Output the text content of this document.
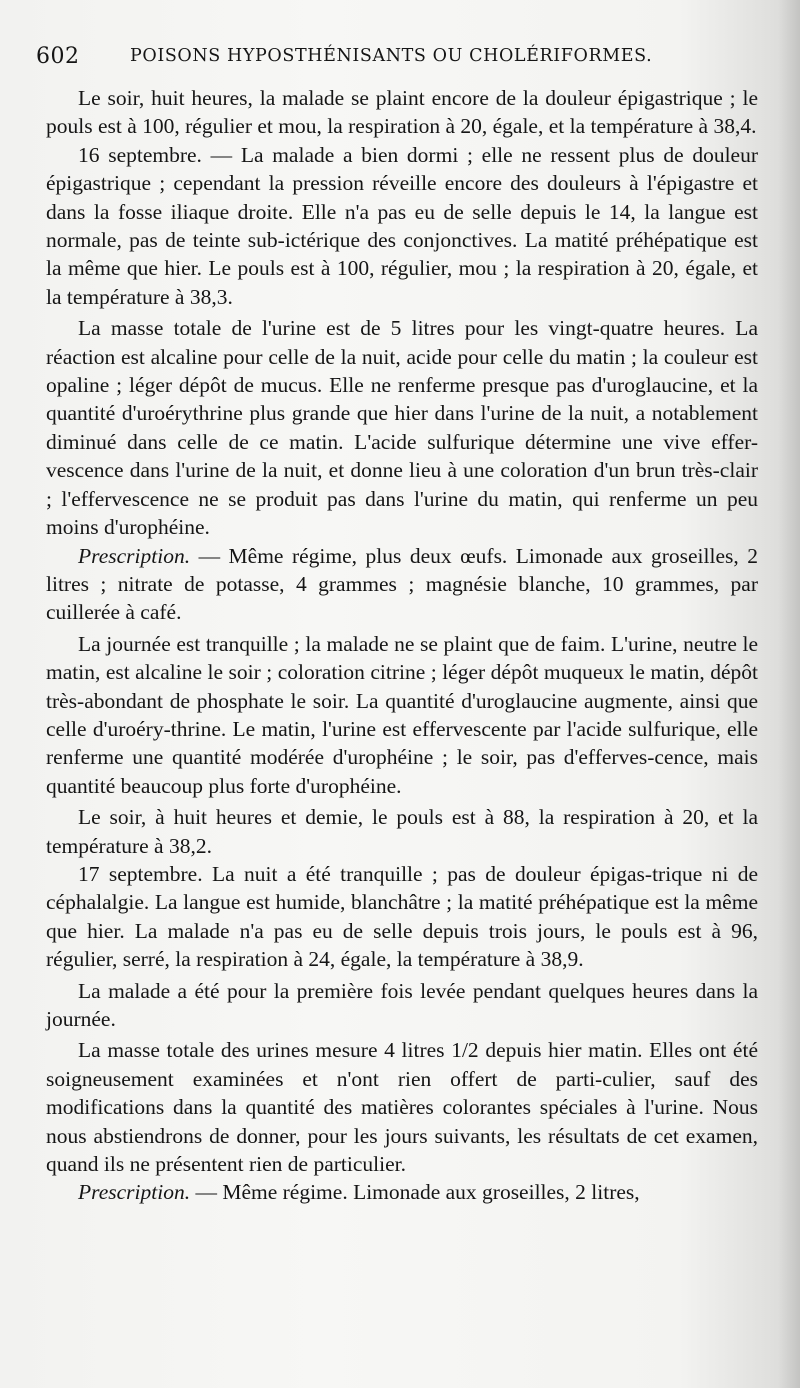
602	POISONS HYPOSTHÉNISANTS OU CHOLÉRIFORMES.

Le soir, huit heures, la malade se plaint encore de la douleur épigastrique ; le pouls est à 100, régulier et mou, la respiration à 20, égale, et la température à 38,4.

16 septembre. — La malade a bien dormi ; elle ne ressent plus de douleur épigastrique ; cependant la pression réveille encore des douleurs à l'épigastre et dans la fosse iliaque droite. Elle n'a pas eu de selle depuis le 14, la langue est normale, pas de teinte sub-ictérique des conjonctives. La matité préhépatique est la même que hier. Le pouls est à 100, régulier, mou ; la respiration à 20, égale, et la température à 38,3.

La masse totale de l'urine est de 5 litres pour les vingt-quatre heures. La réaction est alcaline pour celle de la nuit, acide pour celle du matin ; la couleur est opaline ; léger dépôt de mucus. Elle ne renferme presque pas d'uroglaucine, et la quantité d'uroérythrine plus grande que hier dans l'urine de la nuit, a notablement diminué dans celle de ce matin. L'acide sulfurique détermine une vive effer-vescence dans l'urine de la nuit, et donne lieu à une coloration d'un brun très-clair ; l'effervescence ne se produit pas dans l'urine du matin, qui renferme un peu moins d'urophéine.

Prescription. — Même régime, plus deux œufs. Limonade aux groseilles, 2 litres ; nitrate de potasse, 4 grammes ; magnésie blanche, 10 grammes, par cuillerée à café.

La journée est tranquille ; la malade ne se plaint que de faim. L'urine, neutre le matin, est alcaline le soir ; coloration citrine ; léger dépôt muqueux le matin, dépôt très-abondant de phosphate le soir. La quantité d'uroglaucine augmente, ainsi que celle d'uroéry-thrine. Le matin, l'urine est effervescente par l'acide sulfurique, elle renferme une quantité modérée d'urophéine ; le soir, pas d'efferves-cence, mais quantité beaucoup plus forte d'urophéine.

Le soir, à huit heures et demie, le pouls est à 88, la respiration à 20, et la température à 38,2.

17 septembre. La nuit a été tranquille ; pas de douleur épigas-trique ni de céphalalgie. La langue est humide, blanchâtre ; la matité préhépatique est la même que hier. La malade n'a pas eu de selle depuis trois jours, le pouls est à 96, régulier, serré, la respiration à 24, égale, la température à 38,9.

La malade a été pour la première fois levée pendant quelques heures dans la journée.

La masse totale des urines mesure 4 litres 1/2 depuis hier matin. Elles ont été soigneusement examinées et n'ont rien offert de parti-culier, sauf des modifications dans la quantité des matières colorantes spéciales à l'urine. Nous nous abstiendrons de donner, pour les jours suivants, les résultats de cet examen, quand ils ne présentent rien de particulier.

Prescription. — Même régime. Limonade aux groseilles, 2 litres,
